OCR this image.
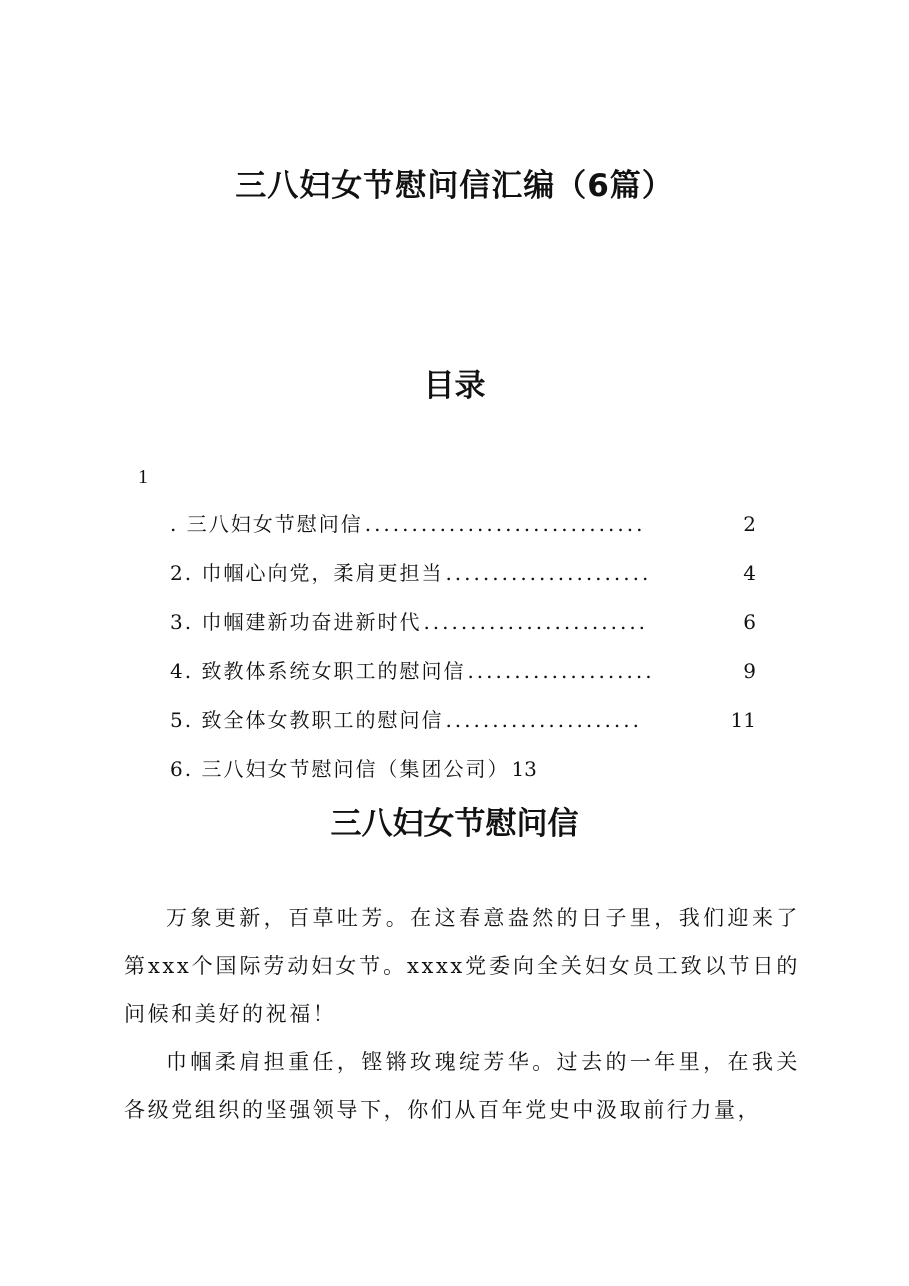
三八妇女节慰问信汇编（6篇）
目录
1
. 三八妇女节慰问信 ..............................	2
2. 巾帼心向党，柔肩更担当 ......................	4
3. 巾帼建新功奋进新时代 ........................	6
4. 致教体系统女职工的慰问信 ....................	9
5. 致全体女教职工的慰问信 .....................	11
6. 三八妇女节慰问信（集团公司） 13
三八妇女节慰问信

万象更新，百草吐芳。在这春意盎然的日子里，我们迎来了第xxx个国际劳动妇女节。xxxx党委向全关妇女员工致以节日的问候和美好的祝福！

巾帼柔肩担重任，铿锵玫瑰绽芳华。过去的一年里，在我关各级党组织的坚强领导下，你们从百年党史中汲取前行力量，
